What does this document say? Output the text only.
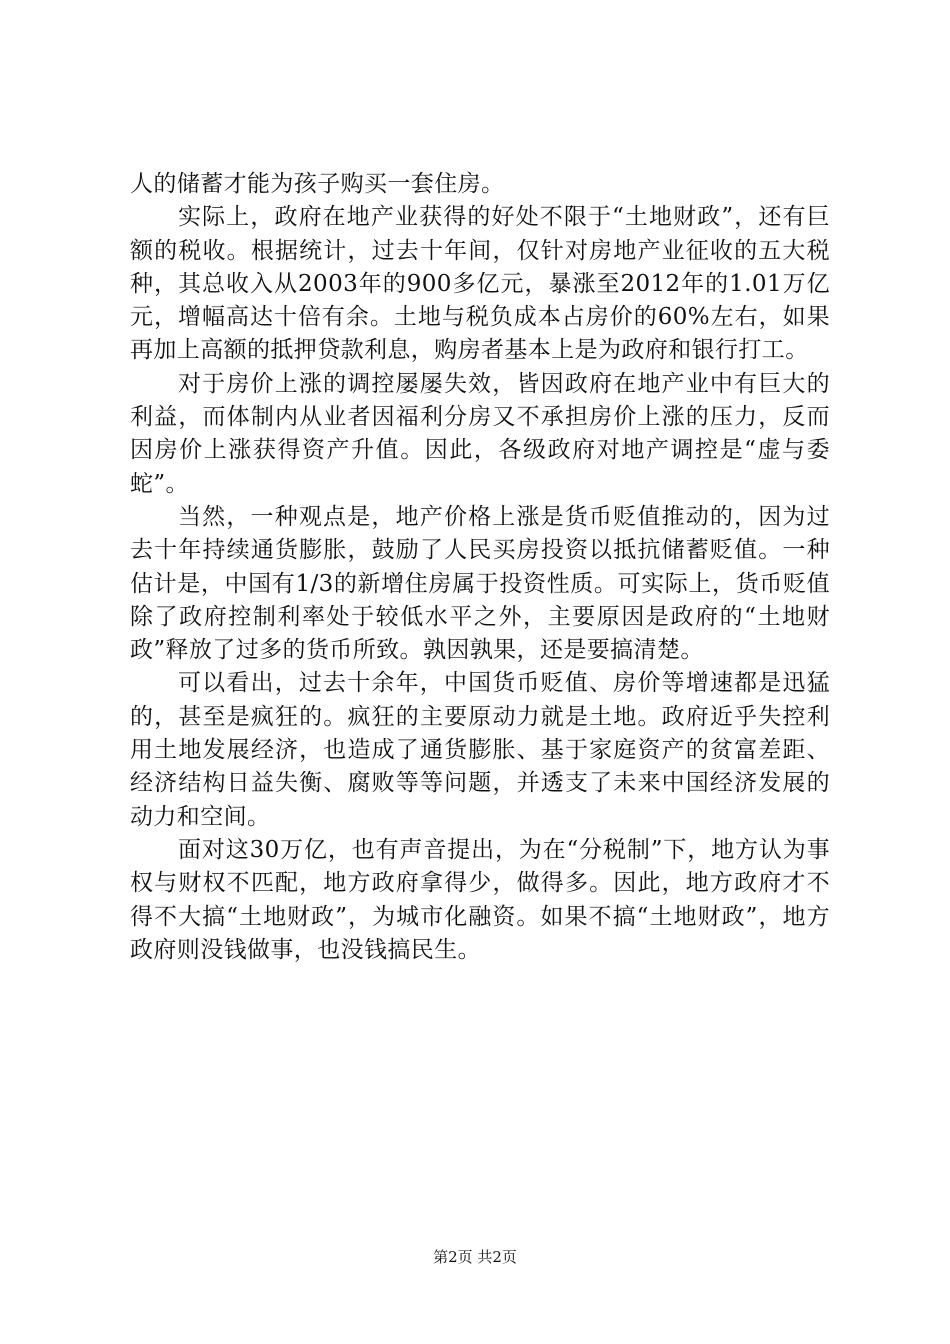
人的储蓄才能为孩子购买一套住房。

实际上，政府在地产业获得的好处不限于“土地财政”，还有巨额的税收。根据统计，过去十年间，仅针对房地产业征收的五大税种，其总收入从2003年的900多亿元，暴涨至2012年的1.01万亿元，增幅高达十倍有余。土地与税负成本占房价的60%左右，如果再加上高额的抵押贷款利息，购房者基本上是为政府和银行打工。

对于房价上涨的调控屡屡失效，皆因政府在地产业中有巨大的利益，而体制内从业者因福利分房又不承担房价上涨的压力，反而因房价上涨获得资产升值。因此，各级政府对地产调控是“虚与委蛇”。

当然，一种观点是，地产价格上涨是货币贬值推动的，因为过去十年持续通货膨胀，鼓励了人民买房投资以抵抗储蓄贬值。一种估计是，中国有1/3的新增住房属于投资性质。可实际上，货币贬值除了政府控制利率处于较低水平之外，主要原因是政府的“土地财政”释放了过多的货币所致。孰因孰果，还是要搞清楚。

可以看出，过去十余年，中国货币贬值、房价等增速都是迅猛的，甚至是疯狂的。疯狂的主要原动力就是土地。政府近乎失控利用土地发展经济，也造成了通货膨胀、基于家庭资产的贫富差距、经济结构日益失衡、腐败等等问题，并透支了未来中国经济发展的动力和空间。

面对这30万亿，也有声音提出，为在“分税制”下，地方认为事权与财权不匹配，地方政府拿得少，做得多。因此，地方政府才不得不大搞“土地财政”，为城市化融资。如果不搞“土地财政”，地方政府则没钱做事，也没钱搞民生。

第2页 共2页
